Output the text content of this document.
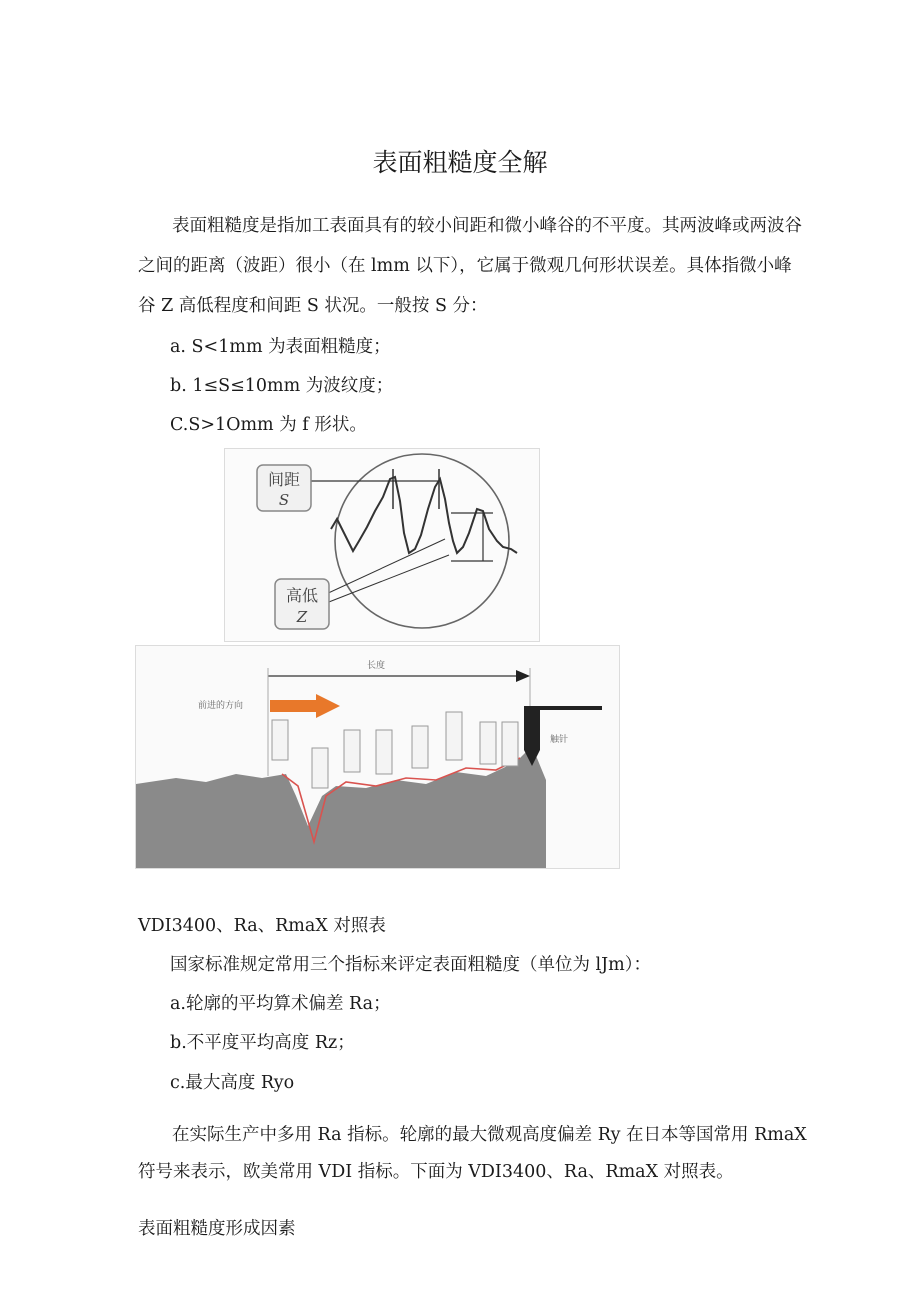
表面粗糙度全解
表面粗糙度是指加工表面具有的较小间距和微小峰谷的不平度。其两波峰或两波谷
之间的距离（波距）很小（在 lmm 以下），它属于微观几何形状误差。具体指微小峰
谷 Z 高低程度和间距 S 状况。一般按 S 分：
a. S<1mm 为表面粗糙度；
b. 1≤S≤10mm 为波纹度；
C.S>1Omm 为 f 形状。
间距
S
高低
Z
长度
前进的方向
触针
VDI3400、Ra、RmaX 对照表
国家标准规定常用三个指标来评定表面粗糙度（单位为 lJm）：
a.轮廓的平均算术偏差 Ra；
b.不平度平均高度 Rz；
c.最大高度 Ryo
在实际生产中多用 Ra 指标。轮廓的最大微观高度偏差 Ry 在日本等国常用 RmaX
符号来表示，欧美常用 VDI 指标。下面为 VDI3400、Ra、RmaX 对照表。
表面粗糙度形成因素
